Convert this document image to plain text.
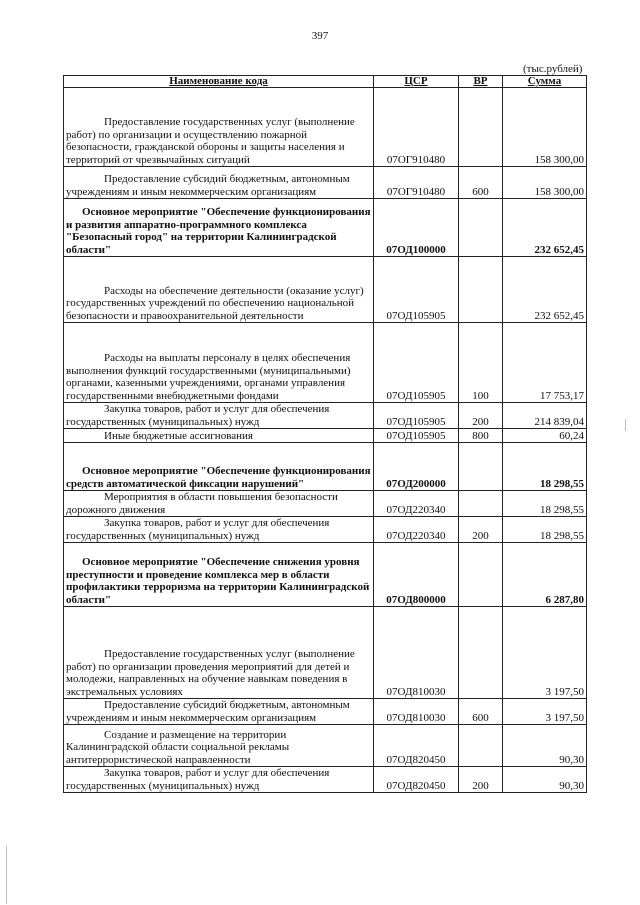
397
(тыс.рублей)
Наименование кода	ЦСР	ВР	Сумма

Предоставление государственных услуг (выполнение работ) по организации и осуществлению пожарной безопасности, гражданской обороны и защиты населения и территорий от чрезвычайных ситуаций	07ОГ910480		158 300,00

Предоставление субсидий бюджетным, автономным учреждениям и иным некоммерческим организациям	07ОГ910480	600	158 300,00

Основное мероприятие "Обеспечение функционирования и развития аппаратно-программного комплекса "Безопасный город" на территории Калининградской области"	07ОД100000		232 652,45

Расходы на обеспечение деятельности (оказание услуг) государственных учреждений по обеспечению национальной безопасности и правоохранительной деятельности	07ОД105905		232 652,45

Расходы на выплаты персоналу в целях обеспечения выполнения функций государственными (муниципальными) органами, казенными учреждениями, органами управления государственными внебюджетными фондами	07ОД105905	100	17 753,17

Закупка товаров, работ и услуг для обеспечения государственных (муниципальных) нужд	07ОД105905	200	214 839,04

Иные бюджетные ассигнования	07ОД105905	800	60,24

Основное мероприятие "Обеспечение функционирования средств автоматической фиксации нарушений"	07ОД200000		18 298,55

Мероприятия в области повышения безопасности дорожного движения	07ОД220340		18 298,55

Закупка товаров, работ и услуг для обеспечения государственных (муниципальных) нужд	07ОД220340	200	18 298,55

Основное мероприятие "Обеспечение снижения уровня преступности и проведение комплекса мер в области профилактики терроризма на территории Калининградской области"	07ОД800000		6 287,80

Предоставление государственных услуг (выполнение работ) по организации проведения мероприятий для детей и молодежи, направленных на обучение навыкам поведения в экстремальных условиях	07ОД810030		3 197,50

Предоставление субсидий бюджетным, автономным учреждениям и иным некоммерческим организациям	07ОД810030	600	3 197,50

Создание и размещение на территории Калининградской области социальной рекламы антитеррористической направленности	07ОД820450		90,30

Закупка товаров, работ и услуг для обеспечения государственных (муниципальных) нужд	07ОД820450	200	90,30
